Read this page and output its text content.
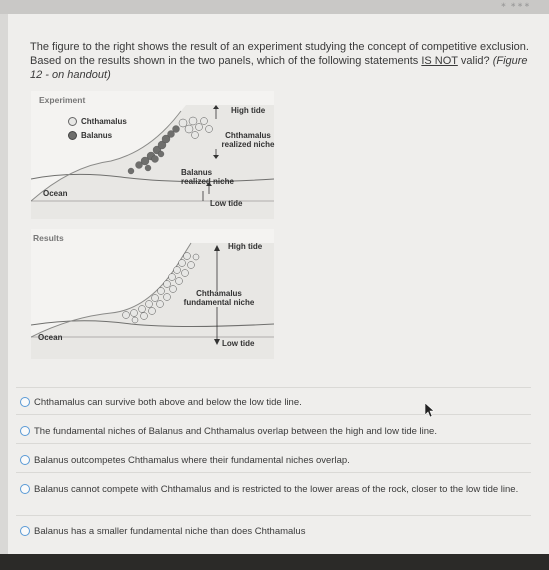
∗ ∗∗∗
The figure to the right shows the result of an experiment studying the concept of competitive exclusion. Based on the results shown in the two panels, which of the following statements IS NOT valid? (Figure 12 - on handout)
Experiment
Chthamalus
Balanus
High tide
Chthamalus
realized niche
Balanus
realized niche
Ocean
Low tide
Results
High tide
Chthamalus
fundamental niche
Ocean
Low tide
Chthamalus can survive both above and below the low tide line.
The fundamental niches of Balanus and Chthamalus overlap between the high and low tide line.
Balanus outcompetes Chthamalus where their fundamental niches overlap.
Balanus cannot compete with Chthamalus and is restricted to the lower areas of the rock, closer to the low tide line.
Balanus has a smaller fundamental niche than does Chthamalus
